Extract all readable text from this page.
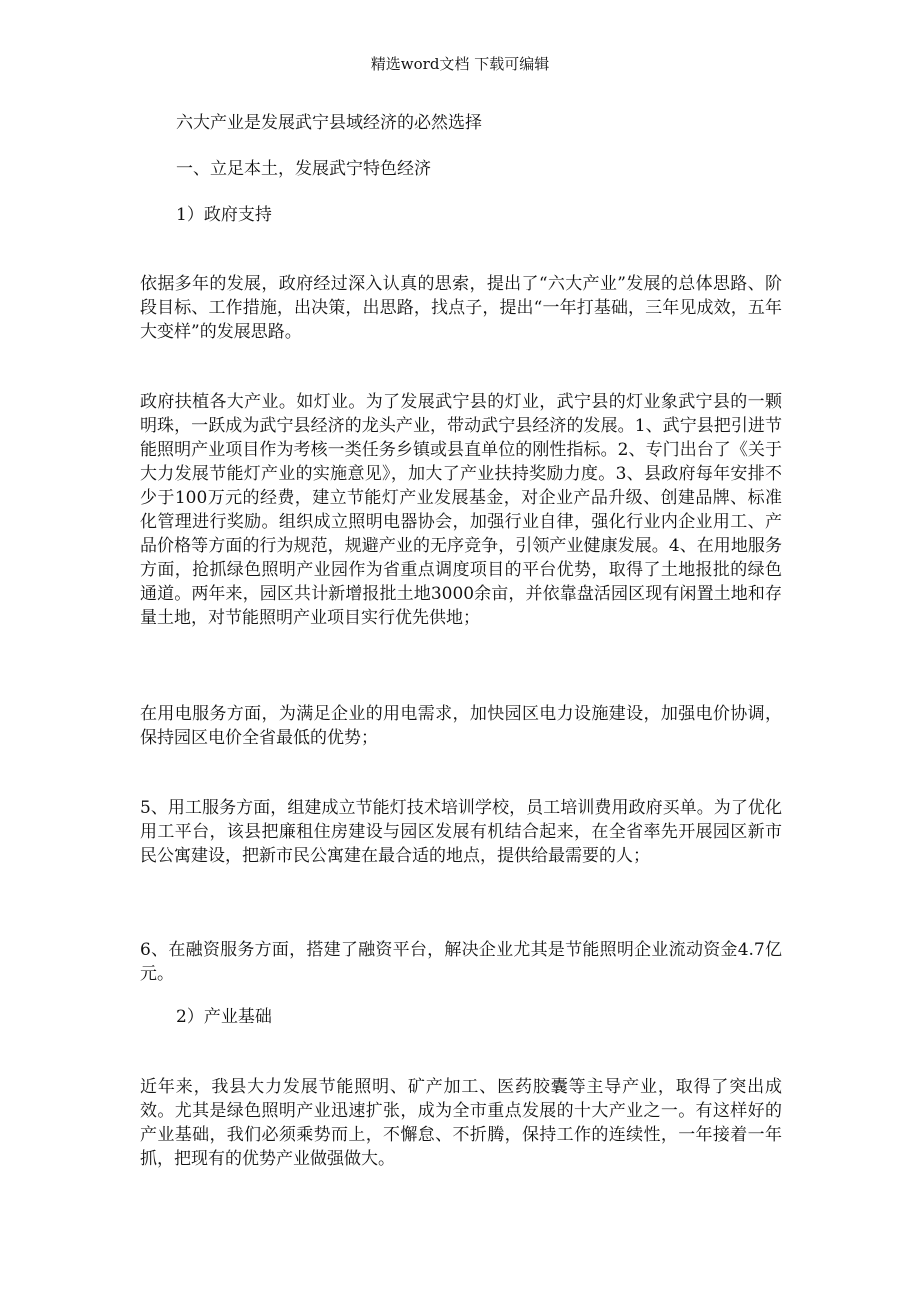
精选word文档 下载可编辑
六大产业是发展武宁县域经济的必然选择
一、立足本土，发展武宁特色经济
1）政府支持
依据多年的发展，政府经过深入认真的思索，提出了“六大产业”发展的总体思路、阶段目标、工作措施，出决策，出思路，找点子，提出“一年打基础，三年见成效，五年大变样”的发展思路。
政府扶植各大产业。如灯业。为了发展武宁县的灯业，武宁县的灯业象武宁县的一颗明珠，一跃成为武宁县经济的龙头产业，带动武宁县经济的发展。1、武宁县把引进节能照明产业项目作为考核一类任务乡镇或县直单位的刚性指标。2、专门出台了《关于大力发展节能灯产业的实施意见》，加大了产业扶持奖励力度。3、县政府每年安排不少于100万元的经费，建立节能灯产业发展基金，对企业产品升级、创建品牌、标准化管理进行奖励。组织成立照明电器协会，加强行业自律，强化行业内企业用工、产品价格等方面的行为规范，规避产业的无序竞争，引领产业健康发展。4、在用地服务方面，抢抓绿色照明产业园作为省重点调度项目的平台优势，取得了土地报批的绿色通道。两年来，园区共计新增报批土地3000余亩，并依靠盘活园区现有闲置土地和存量土地，对节能照明产业项目实行优先供地；
在用电服务方面，为满足企业的用电需求，加快园区电力设施建设，加强电价协调，保持园区电价全省最低的优势；
5、用工服务方面，组建成立节能灯技术培训学校，员工培训费用政府买单。为了优化用工平台，该县把廉租住房建设与园区发展有机结合起来，在全省率先开展园区新市民公寓建设，把新市民公寓建在最合适的地点，提供给最需要的人；
6、在融资服务方面，搭建了融资平台，解决企业尤其是节能照明企业流动资金4.7亿元。
2）产业基础
近年来，我县大力发展节能照明、矿产加工、医药胶囊等主导产业，取得了突出成效。尤其是绿色照明产业迅速扩张，成为全市重点发展的十大产业之一。有这样好的产业基础，我们必须乘势而上，不懈怠、不折腾，保持工作的连续性，一年接着一年抓，把现有的优势产业做强做大。
